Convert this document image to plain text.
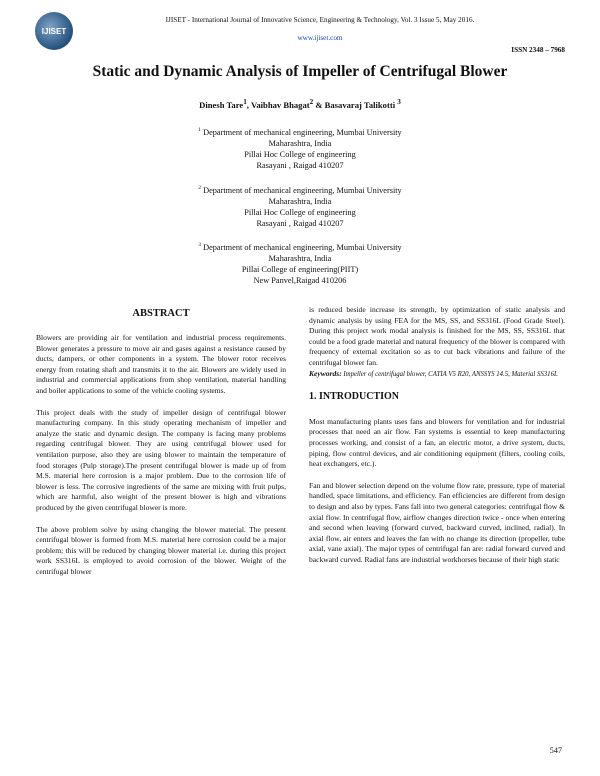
IJISET
IJISET - International Journal of Innovative Science, Engineering & Technology, Vol. 3 Issue 5, May 2016.
www.ijiset.com
ISSN 2348 – 7968
Static and Dynamic Analysis of Impeller of Centrifugal Blower
Dinesh Tare$^1$, Vaibhav Bhagat$^2$ & Basavaraj Talikotti $^3$
$^1$ Department of mechanical engineering, Mumbai University
Maharashtra, India
Pillai Hoc College of engineering
Rasayani , Raigad 410207
$^2$ Department of mechanical engineering, Mumbai University
Maharashtra, India
Pillai Hoc College of engineering
Rasayani , Raigad 410207
$^3$ Department of mechanical engineering, Mumbai University
Maharashtra, India
Pillai College of engineering(PIIT)
New Panvel,Raigad 410206
ABSTRACT

Blowers are providing air for ventilation and industrial process requirements. Blower generates a pressure to move air and gases against a resistance caused by ducts, dampers, or other components in a system. The blower rotor receives energy from rotating shaft and transmits it to the air. Blowers are widely used in industrial and commercial applications from shop ventilation, material handling and boiler applications to some of the vehicle cooling systems.

This project deals with the study of impeller design of centrifugal blower manufacturing company. In this study operating mechanism of impeller and analyze the static and dynamic design. The company is facing many problems regarding centrifugal blower. They are using centrifugal blower used for ventilation purpose, also they are using blower to maintain the temperature of food storages (Pulp storage).The present centrifugal blower is made up of from M.S. material here corrosion is a major problem. Due to the corrosion life of blower is less. The corrosive ingredients of the same are mixing with fruit pulps, which are harmful, also weight of the present blower is high and vibrations produced by the given centrifugal blower is more.

The above problem solve by using changing the blower material. The present centrifugal blower is formed from M.S. material here corrosion could be a major problem; this will be reduced by changing blower material i.e. during this project work SS316L is employed to avoid corrosion of the blower. Weight of the centrifugal blower

is reduced beside increase its strength, by optimization of static analysis and dynamic analysis by using FEA for the MS, SS, and SS316L (Food Grade Steel). During this project work modal analysis is finished for the MS, SS, SS316L that could be a food grade material and natural frequency of the blower is compared with frequency of external excitation so as to cut back vibrations and failure of the centrifugal blower fan.

Keywords: Impeller of centrifugal blower, CATIA V5 R20, ANSSYS 14.5, Material SS316L

1. INTRODUCTION

Most manufacturing plants uses fans and blowers for ventilation and for industrial processes that need an air flow. Fan systems is essential to keep manufacturing processes working, and consist of a fan, an electric motor, a drive system, ducts, piping, flow control devices, and air conditioning equipment (filters, cooling coils, heat exchangers, etc.).

Fan and blower selection depend on the volume flow rate, pressure, type of material handled, space limitations, and efficiency. Fan efficiencies are different from design to design and also by types. Fans fall into two general categories: centrifugal flow & axial flow. In centrifugal flow, airflow changes direction twice - once when entering and second when leaving (forward curved, backward curved, inclined, radial). In axial flow, air enters and leaves the fan with no change its direction (propeller, tube axial, vane axial). The major types of centrifugal fan are: radial forward curved and backward curved. Radial fans are industrial workhorses because of their high static

547
